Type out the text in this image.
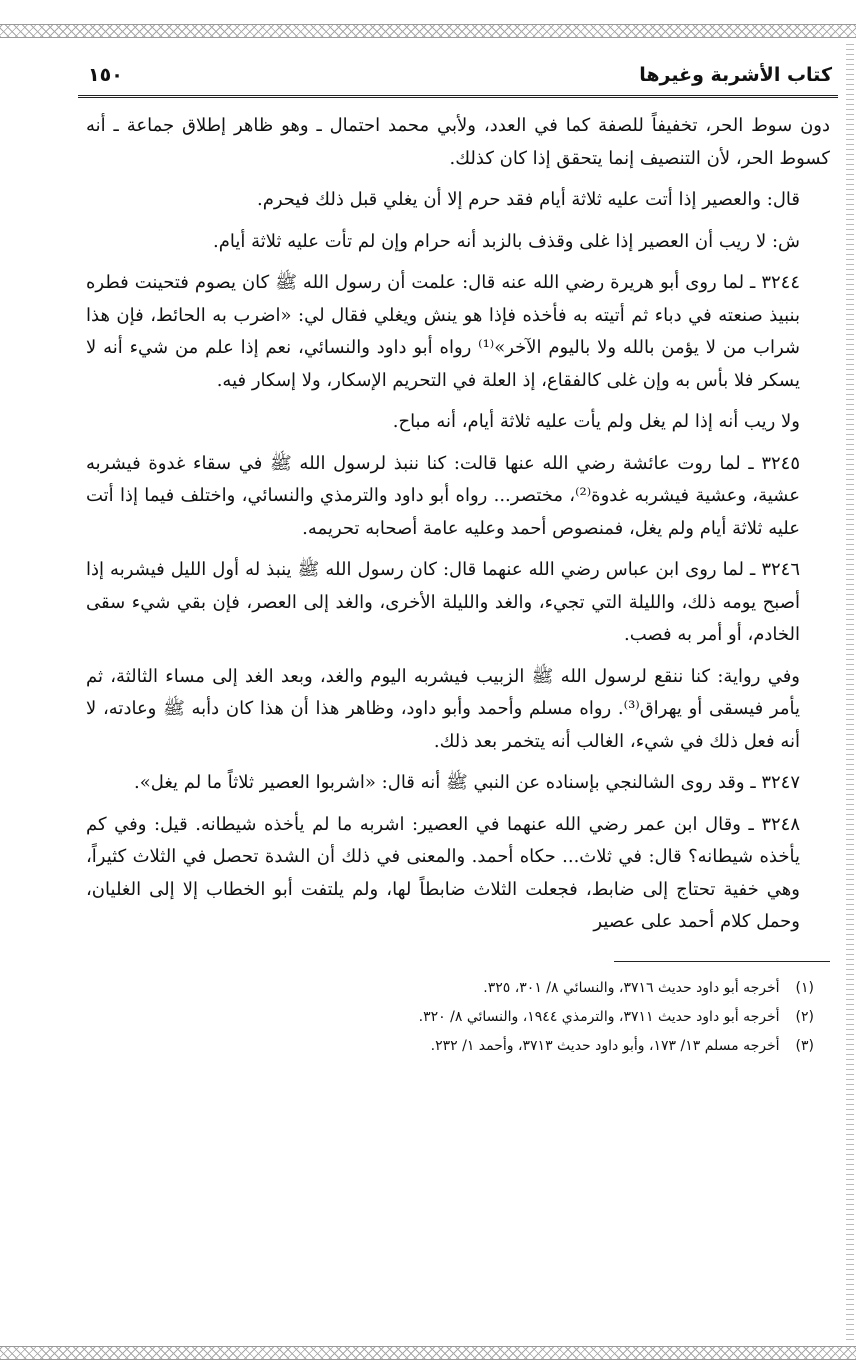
كتاب الأشربة وغيرها
١٥٠

دون سوط الحر، تخفيفاً للصفة كما في العدد، ولأبي محمد احتمال ـ وهو ظاهر إطلاق جماعة ـ أنه كسوط الحر، لأن التنصيف إنما يتحقق إذا كان كذلك.

قال: والعصير إذا أتت عليه ثلاثة أيام فقد حرم إلا أن يغلي قبل ذلك فيحرم.

ش: لا ريب أن العصير إذا غلى وقذف بالزبد أنه حرام وإن لم تأت عليه ثلاثة أيام.

٣٢٤٤ ـ لما روى أبو هريرة رضي الله عنه قال: علمت أن رسول الله ﷺ كان يصوم فتحينت فطره بنبيذ صنعته في دباء ثم أتيته به فأخذه فإذا هو ينش ويغلي فقال لي: «اضرب به الحائط، فإن هذا شراب من لا يؤمن بالله ولا باليوم الآخر»⁽¹⁾ رواه أبو داود والنسائي، نعم إذا علم من شيء أنه لا يسكر فلا بأس به وإن غلى كالفقاع، إذ العلة في التحريم الإسكار، ولا إسكار فيه.

ولا ريب أنه إذا لم يغل ولم يأت عليه ثلاثة أيام، أنه مباح.

٣٢٤٥ ـ لما روت عائشة رضي الله عنها قالت: كنا ننبذ لرسول الله ﷺ في سقاء غدوة فيشربه عشية، وعشية فيشربه غدوة⁽²⁾، مختصر... رواه أبو داود والترمذي والنسائي، واختلف فيما إذا أتت عليه ثلاثة أيام ولم يغل، فمنصوص أحمد وعليه عامة أصحابه تحريمه.

٣٢٤٦ ـ لما روى ابن عباس رضي الله عنهما قال: كان رسول الله ﷺ ينبذ له أول الليل فيشربه إذا أصبح يومه ذلك، والليلة التي تجيء، والغد والليلة الأخرى، والغد إلى العصر، فإن بقي شيء سقى الخادم، أو أمر به فصب.

وفي رواية: كنا ننقع لرسول الله ﷺ الزبيب فيشربه اليوم والغد، وبعد الغد إلى مساء الثالثة، ثم يأمر فيسقى أو يهراق⁽³⁾. رواه مسلم وأحمد وأبو داود، وظاهر هذا أن هذا كان دأبه ﷺ وعادته، لا أنه فعل ذلك في شيء، الغالب أنه يتخمر بعد ذلك.

٣٢٤٧ ـ وقد روى الشالنجي بإسناده عن النبي ﷺ أنه قال: «اشربوا العصير ثلاثاً ما لم يغل».

٣٢٤٨ ـ وقال ابن عمر رضي الله عنهما في العصير: اشربه ما لم يأخذه شيطانه. قيل: وفي كم يأخذه شيطانه؟ قال: في ثلاث... حكاه أحمد. والمعنى في ذلك أن الشدة تحصل في الثلاث كثيراً، وهي خفية تحتاج إلى ضابط، فجعلت الثلاث ضابطاً لها، ولم يلتفت أبو الخطاب إلا إلى الغليان، وحمل كلام أحمد على عصير

(١)
أخرجه أبو داود حديث ٣٧١٦، والنسائي ٨/ ٣٠١، ٣٢٥.
(٢)
أخرجه أبو داود حديث ٣٧١١، والترمذي ١٩٤٤، والنسائي ٨/ ٣٢٠.
(٣)
أخرجه مسلم ١٣/ ١٧٣، وأبو داود حديث ٣٧١٣، وأحمد ١/ ٢٣٢.
